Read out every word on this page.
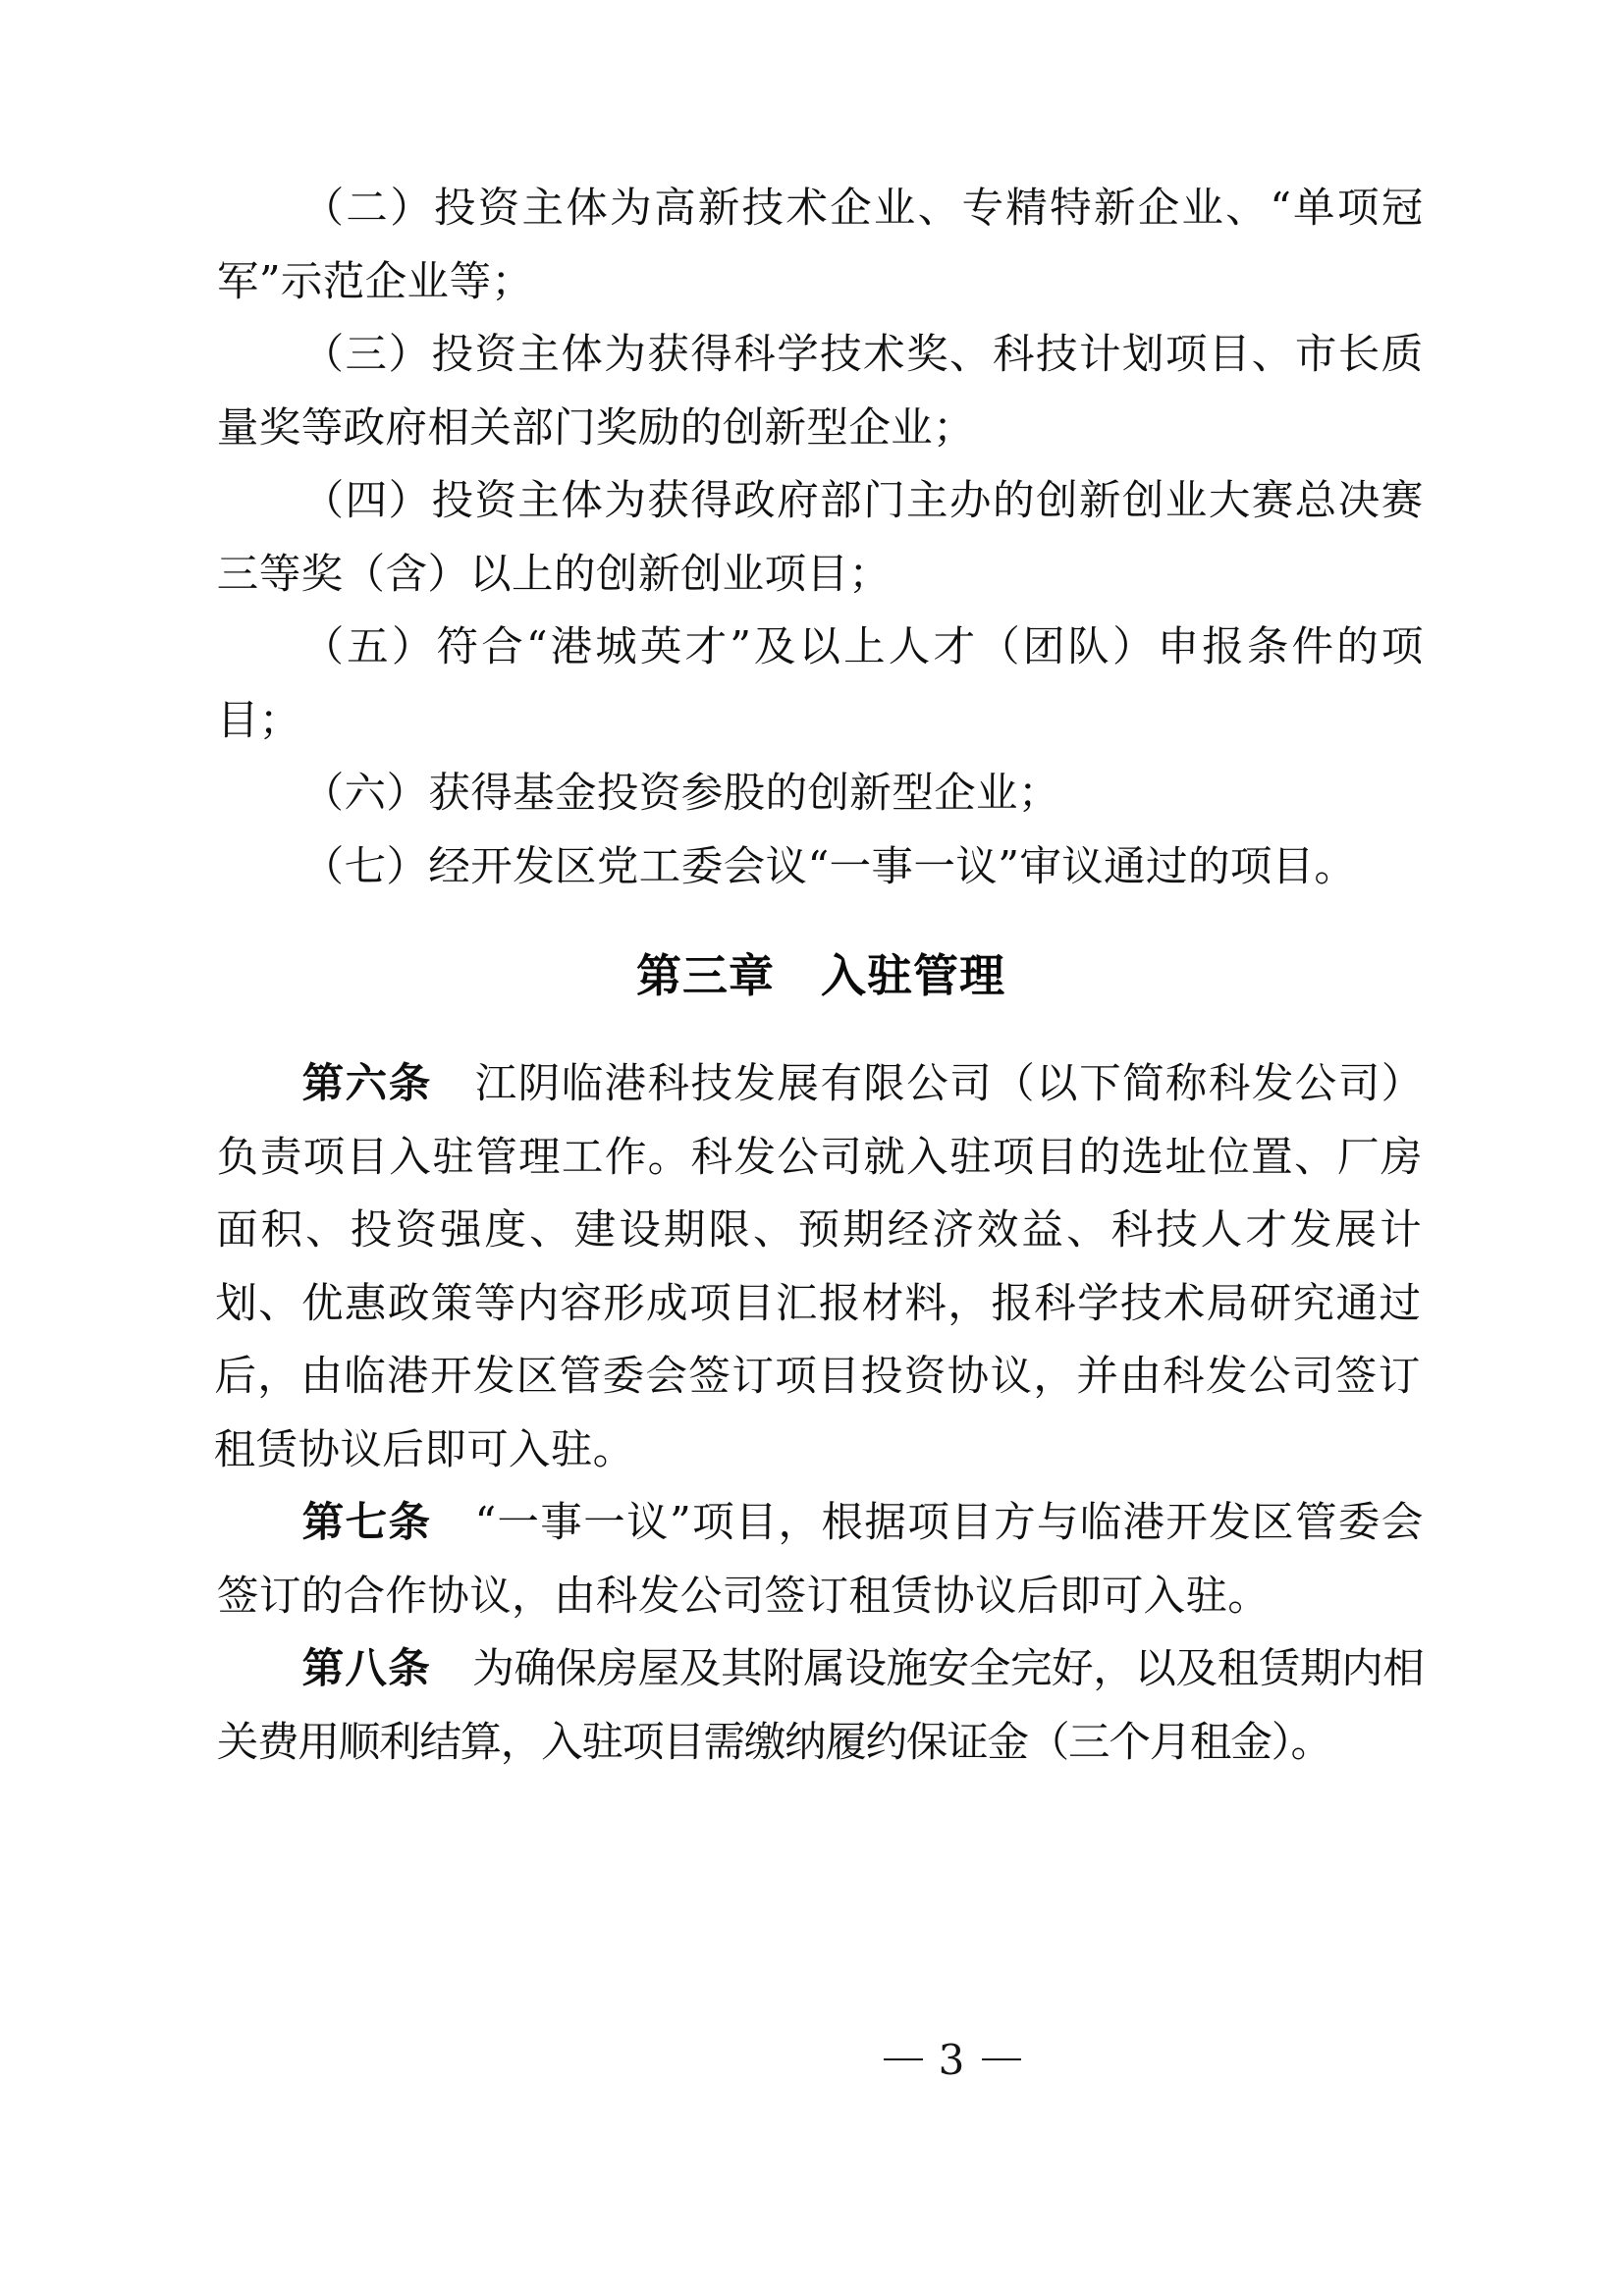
（二）投资主体为高新技术企业、专精特新企业、“单项冠军”示范企业等；

（三）投资主体为获得科学技术奖、科技计划项目、市长质量奖等政府相关部门奖励的创新型企业；

（四）投资主体为获得政府部门主办的创新创业大赛总决赛三等奖（含）以上的创新创业项目；

（五）符合“港城英才”及以上人才（团队）申报条件的项目；

（六）获得基金投资参股的创新型企业；

（七）经开发区党工委会议“一事一议”审议通过的项目。

第三章　入驻管理

第六条　 江阴临港科技发展有限公司（以下简称科发公司）负责项目入驻管理工作。科发公司就入驻项目的选址位置、厂房面积、投资强度、建设期限、预期经济效益、科技人才发展计划、优惠政策等内容形成项目汇报材料，报科学技术局研究通过后，由临港开发区管委会签订项目投资协议，并由科发公司签订租赁协议后即可入驻。

第七条　 “一事一议”项目，根据项目方与临港开发区管委会签订的合作协议，由科发公司签订租赁协议后即可入驻。

第八条　 为确保房屋及其附属设施安全完好，以及租赁期内相关费用顺利结算，入驻项目需缴纳履约保证金（三个月租金）。

3
